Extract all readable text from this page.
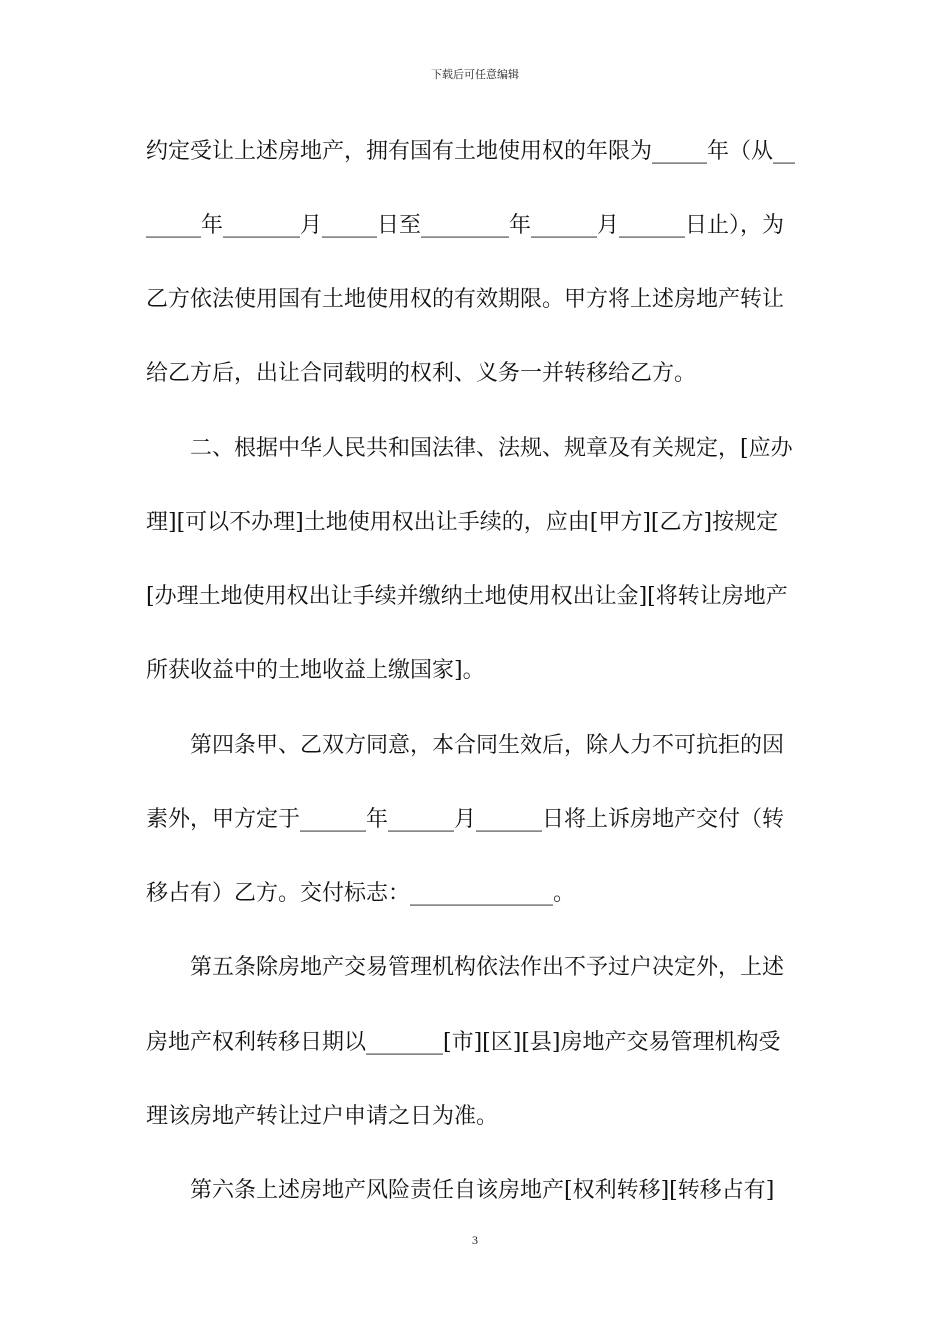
下载后可任意编辑
约定受让上述房地产，拥有国有土地使用权的年限为_____年（从__
_____年_______月_____日至________年______月______日止），为
乙方依法使用国有土地使用权的有效期限。甲方将上述房地产转让
给乙方后，出让合同载明的权利、义务一并转移给乙方。
　　二、根据中华人民共和国法律、法规、规章及有关规定，[应办
理][可以不办理]土地使用权出让手续的，应由[甲方][乙方]按规定
[办理土地使用权出让手续并缴纳土地使用权出让金][将转让房地产
所获收益中的土地收益上缴国家]。
　　第四条甲、乙双方同意，本合同生效后，除人力不可抗拒的因
素外，甲方定于______年______月______日将上诉房地产交付（转
移占有）乙方。交付标志：_____________。
　　第五条除房地产交易管理机构依法作出不予过户决定外，上述
房地产权利转移日期以_______[市][区][县]房地产交易管理机构受
理该房地产转让过户申请之日为准。
　　第六条上述房地产风险责任自该房地产[权利转移][转移占有]
3
